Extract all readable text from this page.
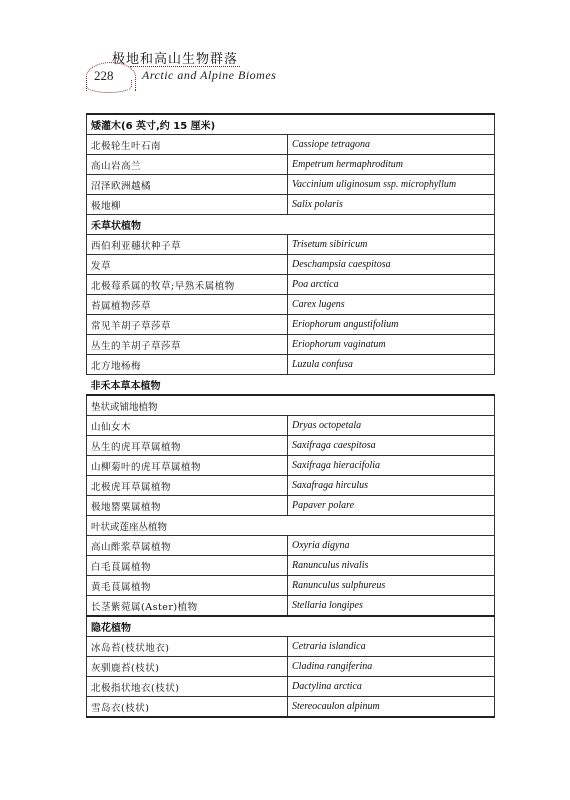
228
极地和高山生物群落
Arctic and Alpine Biomes
矮灌木(6 英寸,约 15 厘米)	
北极轮生叶石南	Cassiope tetragona
高山岩高兰	Empetrum hermaphroditum
沼泽欧洲越橘	Vaccinium uliginosum ssp. microphyllum
极地柳	Salix polaris
禾草状植物	
西伯利亚穗状种子草	Trisetum sibiricum
发草	Deschampsia caespitosa
北极莓系属的牧草;早熟禾属植物	Poa arctica
苔属植物莎草	Carex lugens
常见羊胡子草莎草	Eriophorum angustifolium
丛生的羊胡子草莎草	Eriophorum vaginatum
北方地杨梅	Luzula confusa
非禾本草本植物	
垫状或铺地植物	
山仙女木	Dryas octopetala
丛生的虎耳草属植物	Saxifraga caespitosa
山柳菊叶的虎耳草属植物	Saxifraga hieracifolia
北极虎耳草属植物	Saxafraga hirculus
极地罂粟属植物	Papaver polare
叶状或莲座丛植物	
高山酢浆草属植物	Oxyria digyna
白毛茛属植物	Ranunculus nivalis
黄毛茛属植物	Ranunculus sulphureus
长茎紫菀属(Aster)植物	Stellaria longipes
隐花植物	
冰岛苔(枝状地衣)	Cetraria islandica
灰驯鹿苔(枝状)	Cladina rangiferina
北极指状地衣(枝状)	Dactylina arctica
雪岛衣(枝状)	Stereocaulon alpinum
